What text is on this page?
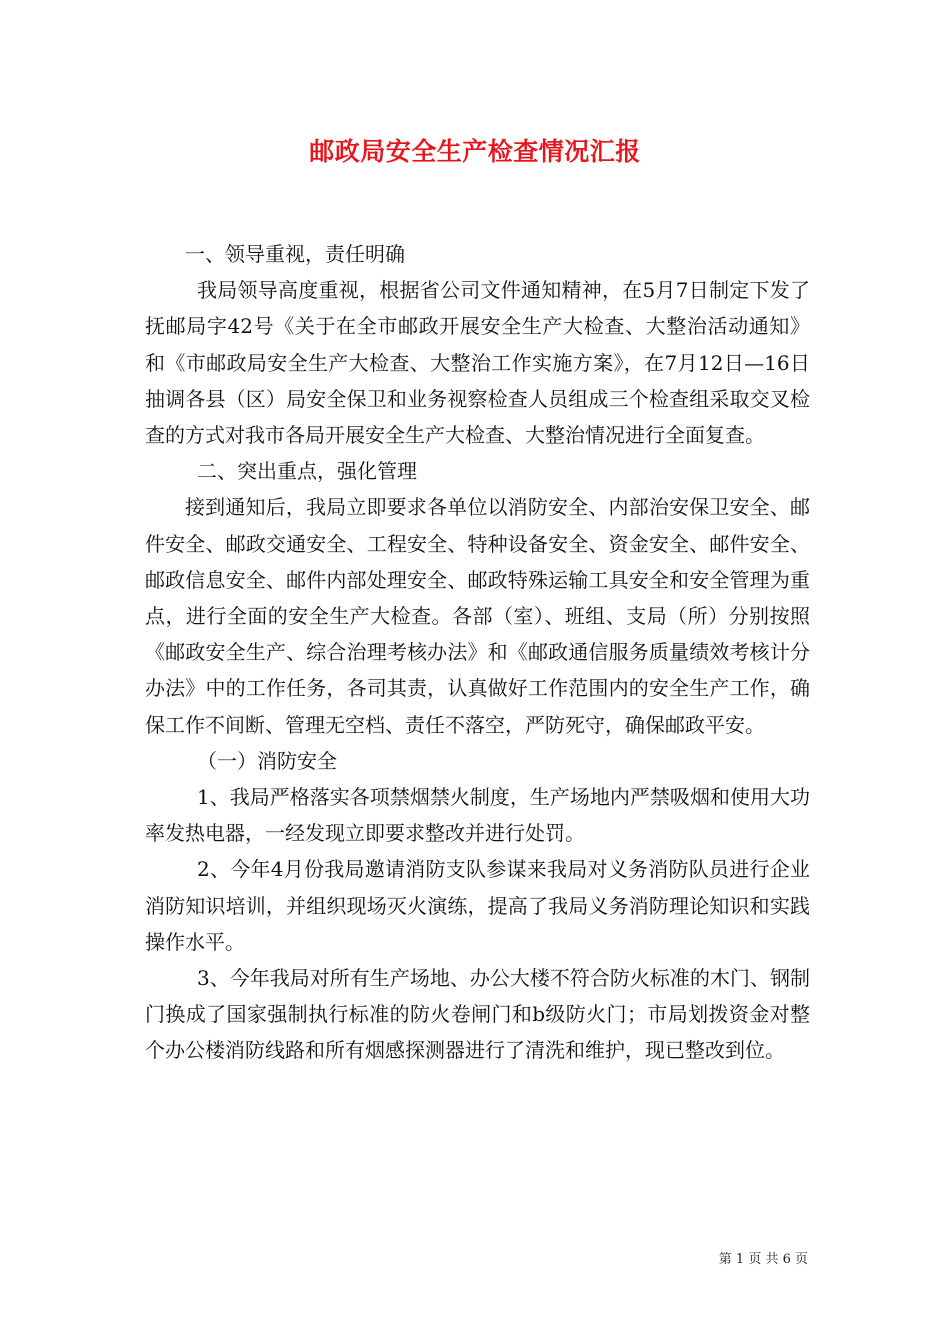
邮政局安全生产检查情况汇报

一、领导重视，责任明确

我局领导高度重视，根据省公司文件通知精神，在5月7日制定下发了抚邮局字42号《关于在全市邮政开展安全生产大检查、大整治活动通知》和《市邮政局安全生产大检查、大整治工作实施方案》，在7月12日—16日抽调各县（区）局安全保卫和业务视察检查人员组成三个检查组采取交叉检查的方式对我市各局开展安全生产大检查、大整治情况进行全面复查。

二、突出重点，强化管理

接到通知后，我局立即要求各单位以消防安全、内部治安保卫安全、邮件安全、邮政交通安全、工程安全、特种设备安全、资金安全、邮件安全、邮政信息安全、邮件内部处理安全、邮政特殊运输工具安全和安全管理为重点，进行全面的安全生产大检查。各部（室）、班组、支局（所）分别按照《邮政安全生产、综合治理考核办法》和《邮政通信服务质量绩效考核计分办法》中的工作任务，各司其责，认真做好工作范围内的安全生产工作，确保工作不间断、管理无空档、责任不落空，严防死守，确保邮政平安。

（一）消防安全

1、我局严格落实各项禁烟禁火制度，生产场地内严禁吸烟和使用大功率发热电器，一经发现立即要求整改并进行处罚。

2、今年4月份我局邀请消防支队参谋来我局对义务消防队员进行企业消防知识培训，并组织现场灭火演练，提高了我局义务消防理论知识和实践操作水平。

3、今年我局对所有生产场地、办公大楼不符合防火标准的木门、钢制门换成了国家强制执行标准的防火卷闸门和b级防火门；市局划拨资金对整个办公楼消防线路和所有烟感探测器进行了清洗和维护，现已整改到位。

第 1 页 共 6 页
